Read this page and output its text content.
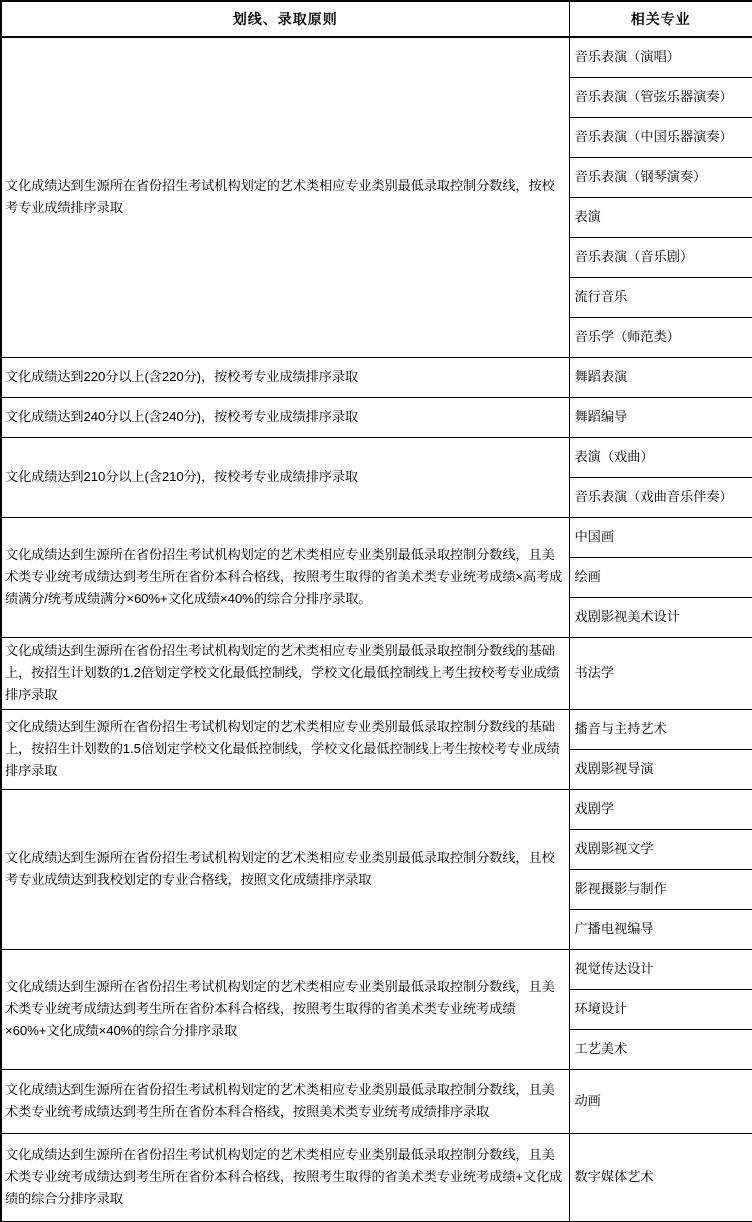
划线、录取原则	相关专业
文化成绩达到生源所在省份招生考试机构划定的艺术类相应专业类别最低录取控制分数线，按校考专业成绩排序录取	音乐表演（演唱）
	音乐表演（管弦乐器演奏）
	音乐表演（中国乐器演奏）
	音乐表演（钢琴演奏）
	表演
	音乐表演（音乐剧）
	流行音乐
	音乐学（师范类）
文化成绩达到220分以上(含220分)，按校考专业成绩排序录取	舞蹈表演
文化成绩达到240分以上(含240分)，按校考专业成绩排序录取	舞蹈编导
文化成绩达到210分以上(含210分)，按校考专业成绩排序录取	表演（戏曲）
	音乐表演（戏曲音乐伴奏）
文化成绩达到生源所在省份招生考试机构划定的艺术类相应专业类别最低录取控制分数线，且美术类专业统考成绩达到考生所在省份本科合格线，按照考生取得的省美术类专业统考成绩×高考成绩满分/统考成绩满分×60%+文化成绩×40%的综合分排序录取。	中国画
	绘画
	戏剧影视美术设计
文化成绩达到生源所在省份招生考试机构划定的艺术类相应专业类别最低录取控制分数线的基础上，按招生计划数的1.2倍划定学校文化最低控制线，学校文化最低控制线上考生按校考专业成绩排序录取	书法学
文化成绩达到生源所在省份招生考试机构划定的艺术类相应专业类别最低录取控制分数线的基础上，按招生计划数的1.5倍划定学校文化最低控制线，学校文化最低控制线上考生按校考专业成绩排序录取	播音与主持艺术
	戏剧影视导演
文化成绩达到生源所在省份招生考试机构划定的艺术类相应专业类别最低录取控制分数线，且校考专业成绩达到我校划定的专业合格线，按照文化成绩排序录取	戏剧学
	戏剧影视文学
	影视摄影与制作
	广播电视编导
文化成绩达到生源所在省份招生考试机构划定的艺术类相应专业类别最低录取控制分数线，且美术类专业统考成绩达到考生所在省份本科合格线，按照考生取得的省美术类专业统考成绩×60%+文化成绩×40%的综合分排序录取	视觉传达设计
	环境设计
	工艺美术
文化成绩达到生源所在省份招生考试机构划定的艺术类相应专业类别最低录取控制分数线，且美术类专业统考成绩达到考生所在省份本科合格线，按照美术类专业统考成绩排序录取	动画
文化成绩达到生源所在省份招生考试机构划定的艺术类相应专业类别最低录取控制分数线，且美术类专业统考成绩达到考生所在省份本科合格线，按照考生取得的省美术类专业统考成绩+文化成绩的综合分排序录取	数字媒体艺术
